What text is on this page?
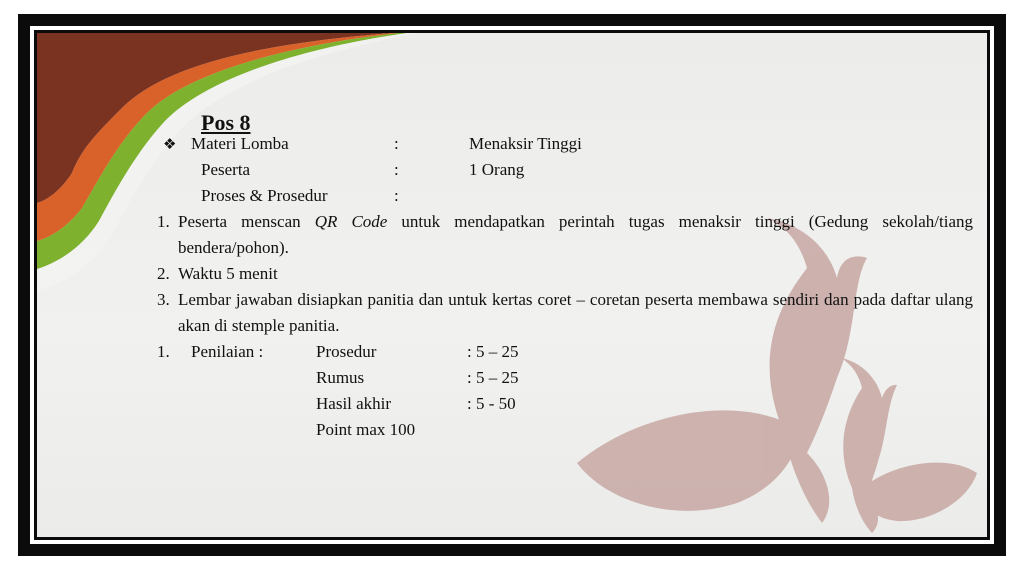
Pos 8
❖ Materi Lomba	:	Menaksir Tinggi
Peserta	:	1 Orang
Proses & Prosedur	:
1. Peserta menscan QR Code untuk mendapatkan perintah tugas menaksir tinggi (Gedung sekolah/tiang bendera/pohon).
2. Waktu 5 menit
3. Lembar jawaban disiapkan panitia dan untuk kertas coret – coretan peserta membawa sendiri dan pada daftar ulang akan di stemple panitia.
1. Penilaian :	Prosedur	: 5 – 25
Rumus	: 5 – 25
Hasil akhir	: 5 - 50
Point max 100
